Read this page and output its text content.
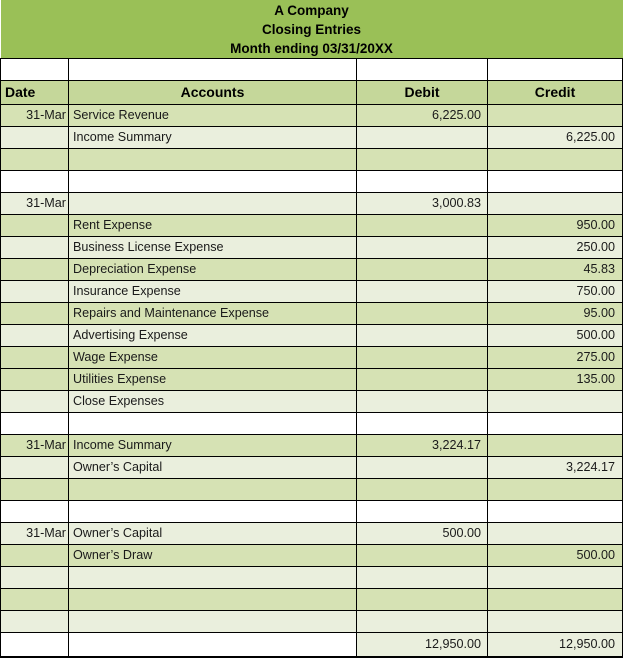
A Company			
Closing Entries			
Month ending 03/31/20XX			

Date	Accounts	Debit	Credit
31-Mar	Service Revenue	6,225.00	
	Income Summary		6,225.00

31-Mar		3,000.83	
	Rent Expense		950.00
	Business License Expense		250.00
	Depreciation Expense		45.83
	Insurance Expense		750.00
	Repairs and Maintenance Expense		95.00
	Advertising Expense		500.00
	Wage Expense		275.00
	Utilities Expense		135.00
	Close Expenses		

31-Mar	Income Summary	3,224.17	
	Owner’s Capital		3,224.17

31-Mar	Owner’s Capital	500.00	
	Owner’s Draw		500.00

		12,950.00	12,950.00
